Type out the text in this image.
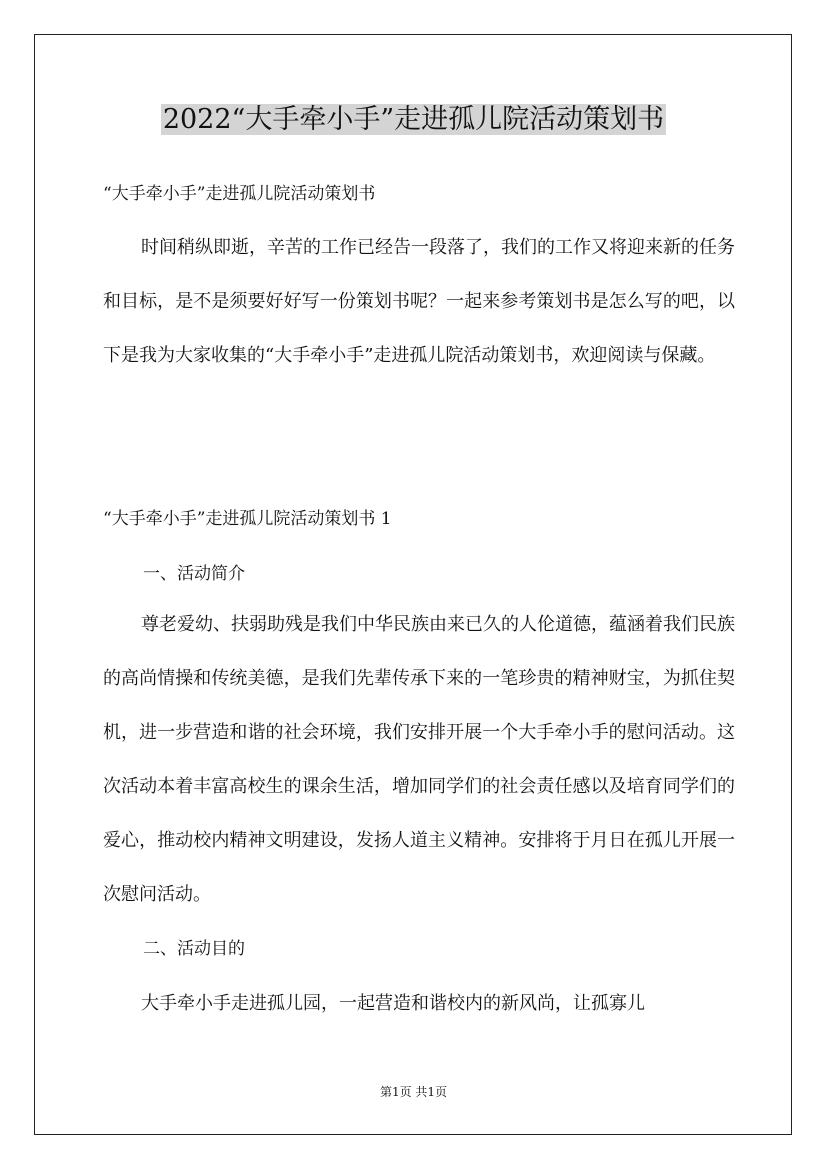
2022“大手牵小手”走进孤儿院活动策划书
“大手牵小手”走进孤儿院活动策划书

时间稍纵即逝，辛苦的工作已经告一段落了，我们的工作又将迎来新的任务和目标，是不是须要好好写一份策划书呢？一起来参考策划书是怎么写的吧，以下是我为大家收集的“大手牵小手”走进孤儿院活动策划书，欢迎阅读与保藏。

“大手牵小手”走进孤儿院活动策划书 1
一、活动简介

尊老爱幼、扶弱助残是我们中华民族由来已久的人伦道德，蕴涵着我们民族的高尚情操和传统美德，是我们先辈传承下来的一笔珍贵的精神财宝，为抓住契机，进一步营造和谐的社会环境，我们安排开展一个大手牵小手的慰问活动。这次活动本着丰富高校生的课余生活，增加同学们的社会责任感以及培育同学们的爱心，推动校内精神文明建设，发扬人道主义精神。安排将于月日在孤儿开展一次慰问活动。

二、活动目的

大手牵小手走进孤儿园，一起营造和谐校内的新风尚，让孤寡儿

第1页 共1页
